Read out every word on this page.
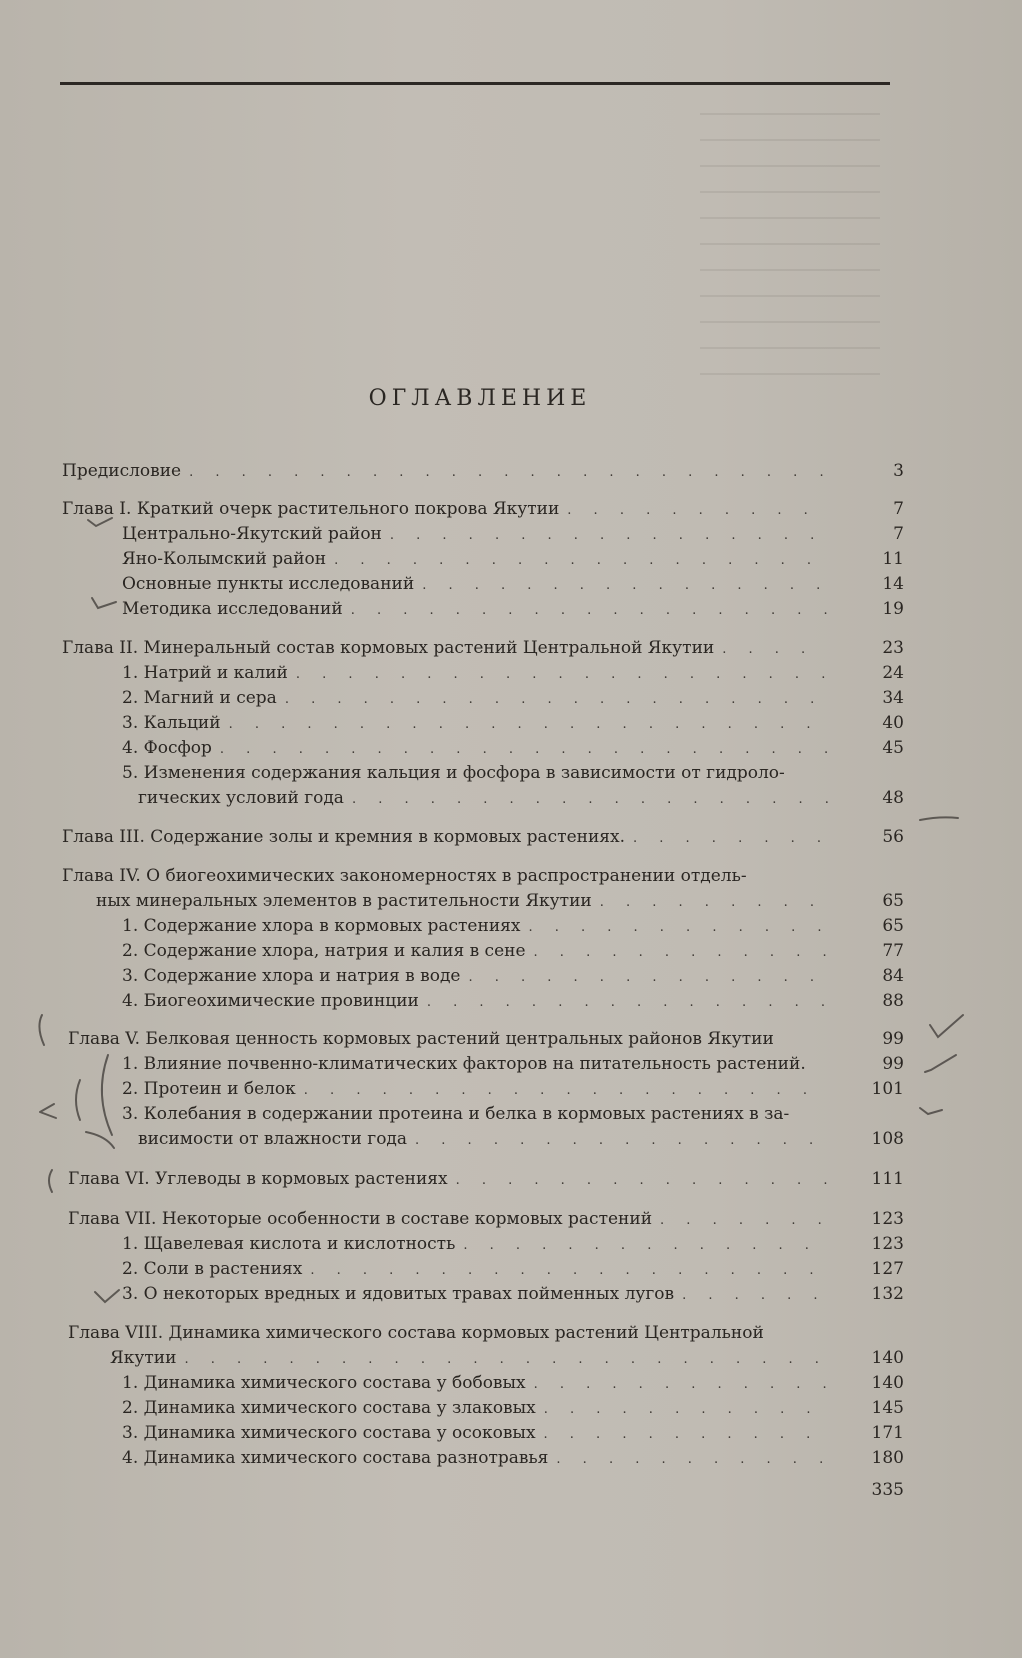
ОГЛАВЛЕНИЕ
Предисловие . . .	3
Глава I. Краткий очерк растительного покрова Якутии . . .	7
Центрально-Якутский район . . .	7
Яно-Колымский район . . .	11
Основные пункты исследований . . .	14
Методика исследований . . .	19
Глава II. Минеральный состав кормовых растений Центральной Якутии . . .	23
1. Натрий и калий . . .	24
2. Магний и сера . . .	34
3. Кальций . . .	40
4. Фосфор . . .	45
5. Изменения содержания кальция и фосфора в зависимости от гидроло-
гических условий года . . .	48
Глава III. Содержание золы и кремния в кормовых растениях. . . .	56
Глава IV. О биогеохимических закономерностях в распространении отдель-
ных минеральных элементов в растительности Якутии . . .	65
1. Содержание хлора в кормовых растениях . . .	65
2. Содержание хлора, натрия и калия в сене . . .	77
3. Содержание хлора и натрия в воде . . .	84
4. Биогеохимические провинции . . .	88
Глава V. Белковая ценность кормовых растений центральных районов Якутии	99
1. Влияние почвенно-климатических факторов на питательность растений.	99
2. Протеин и белок . . .	101
3. Колебания в содержании протеина и белка в кормовых растениях в за-
висимости от влажности года . . .	108
Глава VI. Углеводы в кормовых растениях . . .	111
Глава VII. Некоторые особенности в составе кормовых растений . . .	123
1. Щавелевая кислота и кислотность . . .	123
2. Соли в растениях . . .	127
3. О некоторых вредных и ядовитых травах пойменных лугов . . .	132
Глава VIII. Динамика химического состава кормовых растений Центральной
Якутии . . .	140
1. Динамика химического состава у бобовых . . .	140
2. Динамика химического состава у злаковых . . .	145
3. Динамика химического состава у осоковых . . .	171
4. Динамика химического состава разнотравья . . .	180
335
